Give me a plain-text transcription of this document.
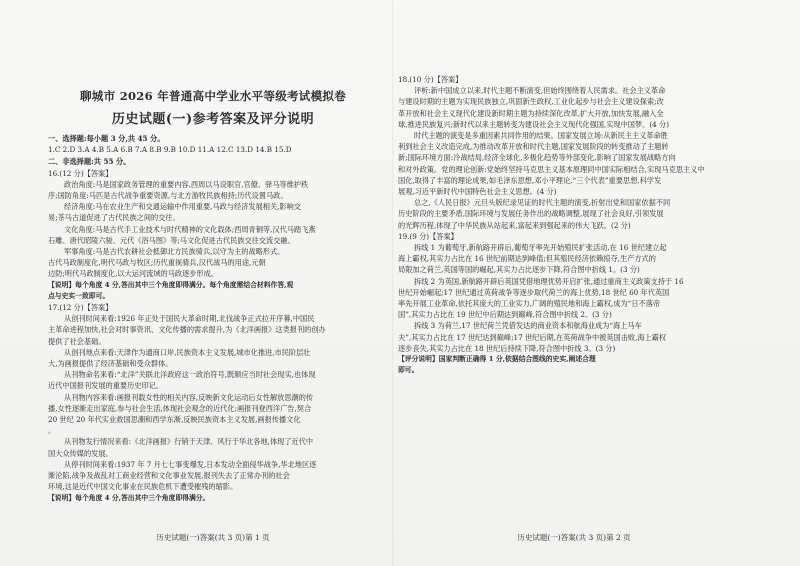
聊城市 2026 年普通高中学业水平等级考试模拟卷
历史试题(一)参考答案及评分说明
一、选择题:每小题 3 分,共 45 分。
1.C 2.D 3.A 4.B 5.A 6.B 7.A 8.B 9.B 10.D 11.A 12.C 13.D 14.B 15.D
二、非选择题:共 55 分。
16.(12 分)【答案】
政治角度:马是国家政务管理的重要内容,西周以马设职官,官僚、驿马等维护秩
序;国防角度:马匹是古代战争重要资源,与北方游牧民族相持;历代设置马政。
经济角度:马在农业生产和交通运输中作用重要,马政与经济发展相关,影响交
易;茶马古道促进了古代民族之间的交往。
文化角度:马是古代手工业技术与时代精神的文化载体;西周青铜等,汉代马踏飞燕
石雕、唐代昭陵六骏、元代《浴马图》等;马文化促进古代民族交往交流交融。
军事角度:马是古代农耕社会抵御北方民族骑兵,以守为主的战略形式。
古代马政制度化,明代马政与牧区;历代重视骑兵,汉代战马的用途,元朝
边防;明代马政制度化,以大运河流域的马政逐步形成。
【说明】每个角度 4 分,答出其中三个角度即得满分。每个角度需结合材料作答,观
点与史实一致即可。
17.(12 分)【答案】
从创刊时间来看:1926 年正处于国民大革命时期,北伐战争正式拉开序幕,中国民
主革命进程加快,社会对时事资讯、文化传播的需求提升,为《北洋画报》这类报刊的创办
提供了社会基础。
从创刊地点来看:天津作为通商口岸,民族资本主义发展,城市化推进,市民阶层壮
大,为画报提供了经济基础和受众群体。
从刊物命名来看:“北洋”关联北洋政府这一政治符号,既顺应当时社会现实,也体现
近代中国报刊发展的重要历史印记。
从刊物内容来看:画报刊载女性的相关内容,反映新文化运动后女性解放思潮的传
播,女性逐渐走出家庭,参与社会生活,体现社会观念的近代化;画报刊登西洋广告,契合
20 世纪 20 年代实业救国思潮和西学东渐,反映民族资本主义发展,画报传播文化
。
从刊物发行情况来看:《北洋画报》行销于天津、风行于华北各地,体现了近代中
国大众传媒的发展。
从停刊时间来看:1937 年 7 月七七事变爆发,日本发动全面侵华战争,华北地区逐
渐沦陷,战争及战乱对工商业经营和文化事业发展,报刊失去了正常办刊的社会
环境,这是近代中国文化事业在民族危机下遭受摧残的缩影。
【说明】每个角度 4 分,答出其中三个角度即得满分。
历史试题(一)答案(共 3 页)第 1 页
18.(10 分)【答案】
评析:新中国成立以来,时代主题不断演变,但始终围绕着人民需求。社会主义革命
与建设时期的主题为实现民族独立,巩固新生政权,工业化起步与社会主义建设探索;改
革开放和社会主义现代化建设新时期主题为持续深化改革,扩大开放,加快发展,融入全
球,推进民族复兴;新时代以来主题转变为建设社会主义现代化强国,实现中国梦。(4 分)
时代主题的演变是多重因素共同作用的结果。国家发展立场:从新民主主义革命胜
利到社会主义改造完成,为推动改革开放和时代主题,国家发展阶段的转变推动了主题转
新;国际环境方面:冷战结局,经济全球化,多极化趋势等外部变化,影响了国家发展战略方向
和对外政策。党的理论创新:党始终坚持马克思主义基本原理同中国实际相结合,实现马克思主义中
国化,取得了丰富的理论成果,如毛泽东思想,邓小平理论,“三个代表”重要思想,科学发
展观,习近平新时代中国特色社会主义思想。(4 分)
总之,《人民日报》元旦头版纪录见证的时代主题的演变,折射出党和国家依据不同
历史阶段的主要矛盾,国际环境与发展任务作出的战略调整,展现了社会良好,引领发展
的光辉历程,体现了中华民族从站起来,富起来到强起来的伟大飞跃。(2 分)
19.(9 分)【答案】
拆线 1 为葡萄牙,新航路开辟后,葡萄牙率先开始殖民扩张活动,在 16 世纪建立起
海上霸权,其实力占比在 16 世纪前期达到峰值;但其殖民经济依赖掠夺,生产方式的
局限加之荷兰,英国等国的崛起,其实力占比逐步下降,符合图中折线 1。(3 分)
拆线 2 为英国,新航路开辟后英国凭借地理优势开启扩张,通过重商主义政策支持于 16
世纪开始崛起;17 世纪通过英荷战争等逐步取代荷兰的海上优势,18 世纪 60 年代英国
率先开展工业革命,依托其庞大的工业实力,广阔的殖民地和海上霸权,成为“日不落帝
国”,其实力占比在 19 世纪中后期达到巅峰,符合图中折线 2。(3 分)
拆线 3 为荷兰,17 世纪荷兰凭借发达的商业资本和航海业成为“海上马车
夫”,其实力占比在 17 世纪达到巅峰;17 世纪后期,在英荷战争中被英国击败,海上霸权
逐步丧失,其实力占比在 18 世纪后持续下降,符合图中折线 3。(3 分)
【评分说明】国家判断正确得 1 分,依据结合图线的史实,阐述合理
即可。
历史试题(一)答案(共 3 页)第 2 页
